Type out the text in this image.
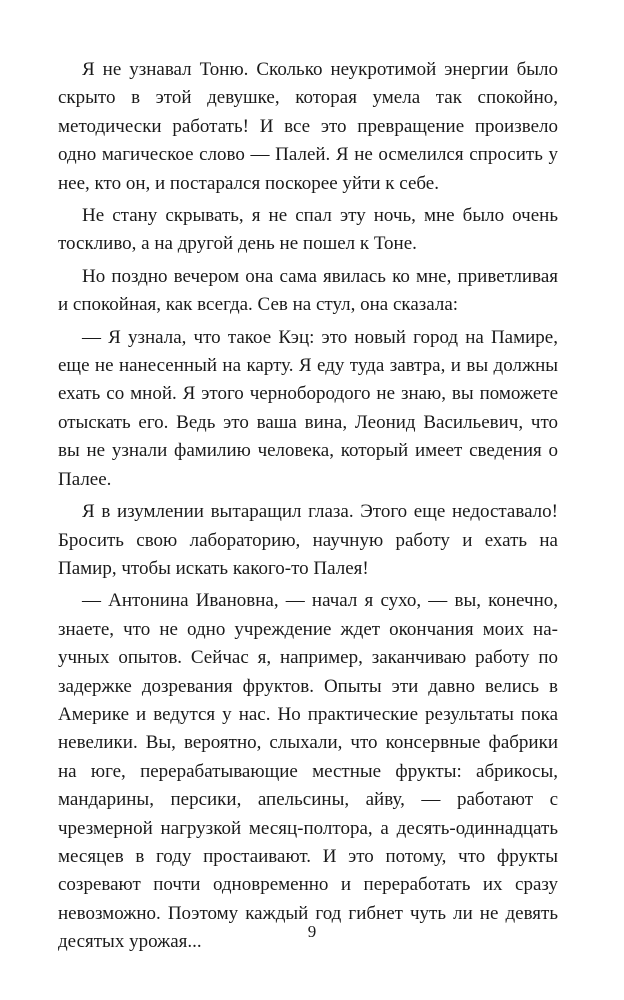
Я не узнавал Тоню. Сколько неукротимой энергии было скрыто в этой девушке, которая умела так спокойно, методически работать! И все это превращение произвело одно магическое слово — Палей. Я не осмелился спросить у нее, кто он, и постарался поскорее уйти к себе.

Не стану скрывать, я не спал эту ночь, мне было очень тоскливо, а на другой день не пошел к Тоне.

Но поздно вечером она сама явилась ко мне, приветливая и спокойная, как всегда. Сев на стул, она сказала:

— Я узнала, что такое Кэц: это новый город на Памире, еще не нанесенный на карту. Я еду туда завтра, и вы должны ехать со мной. Я этого чернобородого не знаю, вы поможете отыскать его. Ведь это ваша вина, Леонид Васильевич, что вы не узнали фамилию человека, который имеет сведения о Палее.

Я в изумлении вытаращил глаза. Этого еще недоставало! Бросить свою лабораторию, научную работу и ехать на Памир, чтобы искать какого-то Палея!

— Антонина Ивановна, — начал я сухо, — вы, конечно, знаете, что не одно учреждение ждет окончания моих научных опытов. Сейчас я, например, заканчиваю работу по задержке дозревания фруктов. Опыты эти давно велись в Америке и ведутся у нас. Но практические результаты пока невелики. Вы, вероятно, слыхали, что консервные фабрики на юге, перерабатывающие местные фрукты: абрикосы, мандарины, персики, апельсины, айву, — работают с чрезмерной нагрузкой месяц-полтора, а десять-одиннадцать месяцев в году простаивают. И это потому, что фрукты созревают почти одновременно и переработать их сразу невозможно. Поэтому каждый год гибнет чуть ли не девять десятых урожая...	9
